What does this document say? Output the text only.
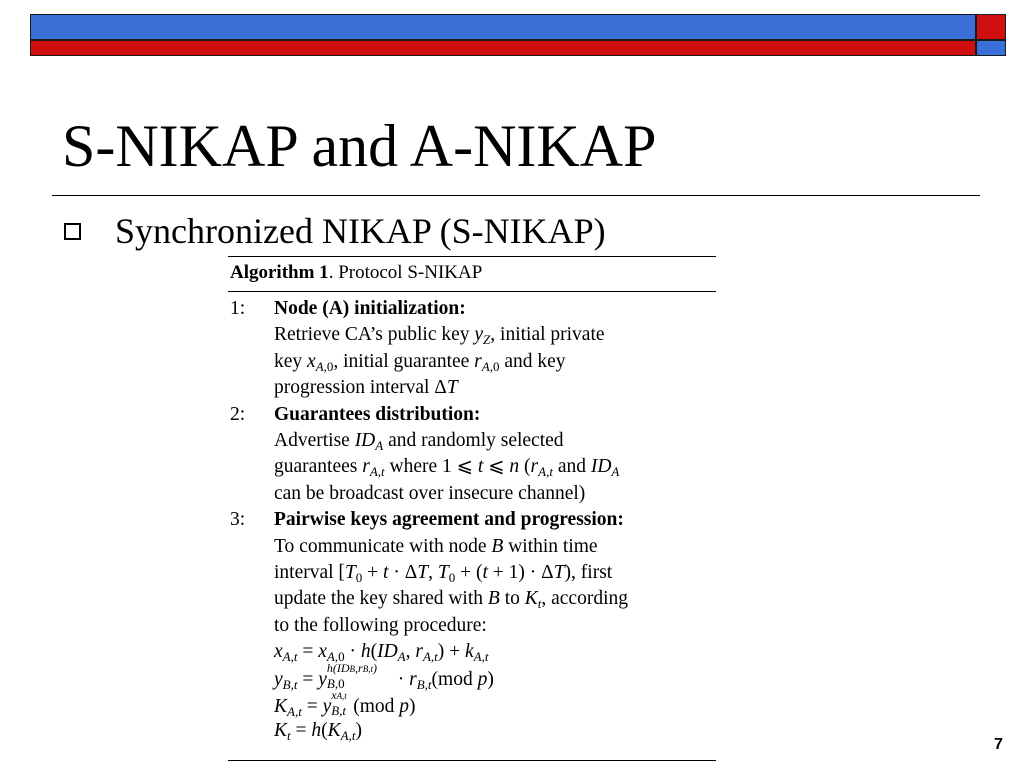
S-NIKAP and A-NIKAP
Synchronized NIKAP (S-NIKAP)
Algorithm 1. Protocol S-NIKAP
1: Node (A) initialization:
Retrieve CA’s public key $y_Z$, initial private
key $x_{A,0}$, initial guarantee $r_{A,0}$ and key
progression interval ΔT
2: Guarantees distribution:
Advertise $ID_A$ and randomly selected
guarantees $r_{A,t}$ where 1 ⩽ t ⩽ n ($r_{A,t}$ and $ID_A$
can be broadcast over insecure channel)
3: Pairwise keys agreement and progression:
To communicate with node B within time
interval [$T_0 + t \cdot \Delta T$, $T_0 + (t + 1) \cdot \Delta T$), first
update the key shared with B to $K_t$, according
to the following procedure:
$x_{A,t} = x_{A,0} \cdot h(ID_A$, $r_{A,t}) + k_{A,t}$
$y_{B,t} = y$
h(IDB,rB,t)
$B,0 \cdot r_{B,t}(mod$ p)
$K_{A,t} = y$
xA,t
B,t (mod p)
$K_t = h(K_{A,t})$
7
